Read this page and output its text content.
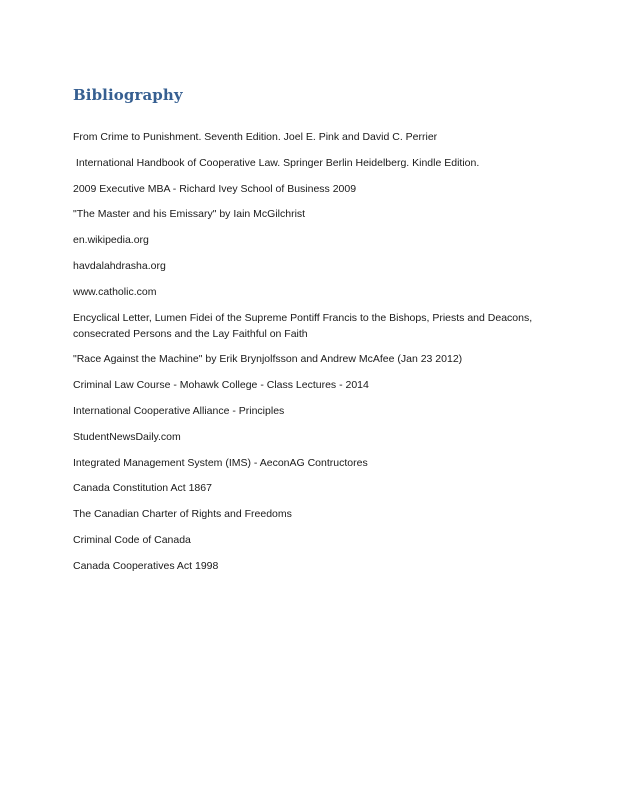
Bibliography
From Crime to Punishment. Seventh Edition. Joel E. Pink and David C. Perrier
International Handbook of Cooperative Law. Springer Berlin Heidelberg. Kindle Edition.
2009 Executive MBA - Richard Ivey School of Business 2009
"The Master and his Emissary" by Iain McGilchrist
en.wikipedia.org
havdalahdrasha.org
www.catholic.com
Encyclical Letter, Lumen Fidei of the Supreme Pontiff Francis to the Bishops, Priests and Deacons, consecrated Persons and the Lay Faithful on Faith
"Race Against the Machine" by Erik Brynjolfsson and Andrew McAfee (Jan 23 2012)
Criminal Law Course - Mohawk College - Class Lectures - 2014
International Cooperative Alliance - Principles
StudentNewsDaily.com
Integrated Management System (IMS) - AeconAG Contructores
Canada Constitution Act 1867
The Canadian Charter of Rights and Freedoms
Criminal Code of Canada
Canada Cooperatives Act 1998
